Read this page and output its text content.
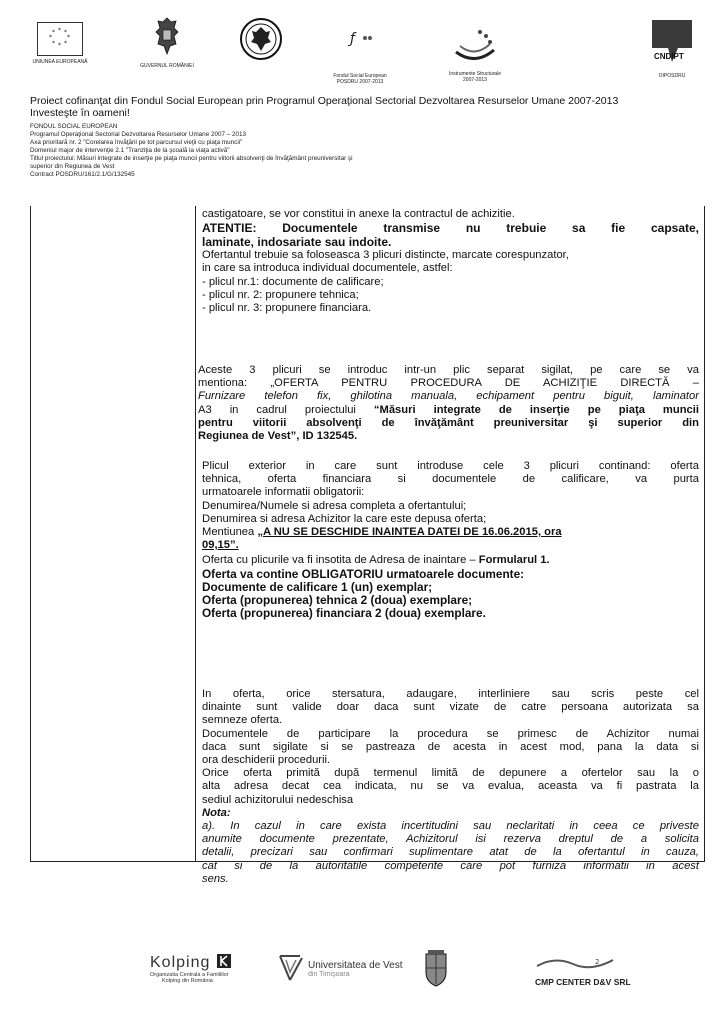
* *
*
*
*
*
*
*
UNIUNEA EUROPEANĂ
GUVERNUL ROMÂNIEI
ƒ
Fondul Social European
POSDRU 2007-2013
Instrumente Structurale
2007-2013
CNDIPT
OIPOSDRU
Proiect cofinanţat din Fondul Social European prin Programul Operaţional Sectorial Dezvoltarea Resurselor Umane 2007-2013
Investeşte în oameni!
FONDUL SOCIAL EUROPEAN
Programul Operaţional Sectorial Dezvoltarea Resurselor Umane 2007 – 2013
Axa prioritară nr. 2 "Corelarea învăţării pe tot parcursul vieţii cu piaţa muncii"
Domeniul major de intervenţie 2.1 "Tranziţia de la şcoală la viaţa activă"
Titlul proiectului: Măsuri integrate de inserţie pe piaţa muncii pentru viitorii absolvenţi de învăţământ preuniversitar şi
superior din Regiunea de Vest
Contract POSDRU/161/2.1/G/132545
castigatoare, se vor constitui in anexe la contractul de achizitie.
ATENTIE: Documentele transmise nu trebuie sa fie capsate,
laminate, indosariate sau indoite.
Ofertantul trebuie sa foloseasca 3 plicuri distincte, marcate corespunzator,
in care sa introduca individual documentele, astfel:
- plicul nr.1: documente de calificare;
- plicul nr. 2: propunere tehnica;
- plicul nr. 3: propunere financiara.
Aceste 3 plicuri se introduc intr-un plic separat sigilat, pe care se va
mentiona: „OFERTA PENTRU PROCEDURA DE ACHIZIŢIE DIRECTĂ –
Furnizare telefon fix, ghilotina manuala, echipament pentru biguit, laminator
A3 in cadrul proiectului “Măsuri integrate de inserţie pe piaţa muncii
pentru viitorii absolvenţi de învăţământ preuniversitar şi superior din
Regiunea de Vest”, ID 132545.
Plicul exterior in care sunt introduse cele 3 plicuri continand: oferta
tehnica, oferta financiara si documentele de calificare, va purta
urmatoarele informatii obligatorii:
Denumirea/Numele si adresa completa a ofertantului;
Denumirea si adresa Achizitor la care este depusa oferta;
Mentiunea „A NU SE DESCHIDE INAINTEA DATEI DE 16.06.2015, ora
09,15”.
Oferta cu plicurile va fi insotita de Adresa de inaintare – Formularul 1.
Oferta va contine OBLIGATORIU urmatoarele documente:
Documente de calificare 1 (un) exemplar;
Oferta (propunerea) tehnica 2 (doua) exemplare;
Oferta (propunerea) financiara 2 (doua) exemplare.
In oferta, orice stersatura, adaugare, interliniere sau scris peste cel
dinainte sunt valide doar daca sunt vizate de catre persoana autorizata sa
semneze oferta.
Documentele de participare la procedura se primesc de Achizitor numai
daca sunt sigilate si se pastreaza de acesta in acest mod, pana la data si
ora deschiderii procedurii.
Orice oferta primită după termenul limită de depunere a ofertelor sau la o
alta adresa decat cea indicata, nu se va evalua, aceasta va fi pastrata la
sediul achizitorului nedeschisa
Nota:
a). In cazul in care exista incertitudini sau neclaritati in ceea ce priveste
anumite documente prezentate, Achizitorul isi rezerva dreptul de a solicita
detalii, precizari sau confirmari suplimentare atat de la ofertantul in cauza,
cat si de la autoritatile competente care pot furniza informatii in acest
sens.
Kolping
Organizatia Centrala a Familiilor
Kolping din România
Universitatea de Vest
din Timişoara
2
CMP CENTER D&V SRL
